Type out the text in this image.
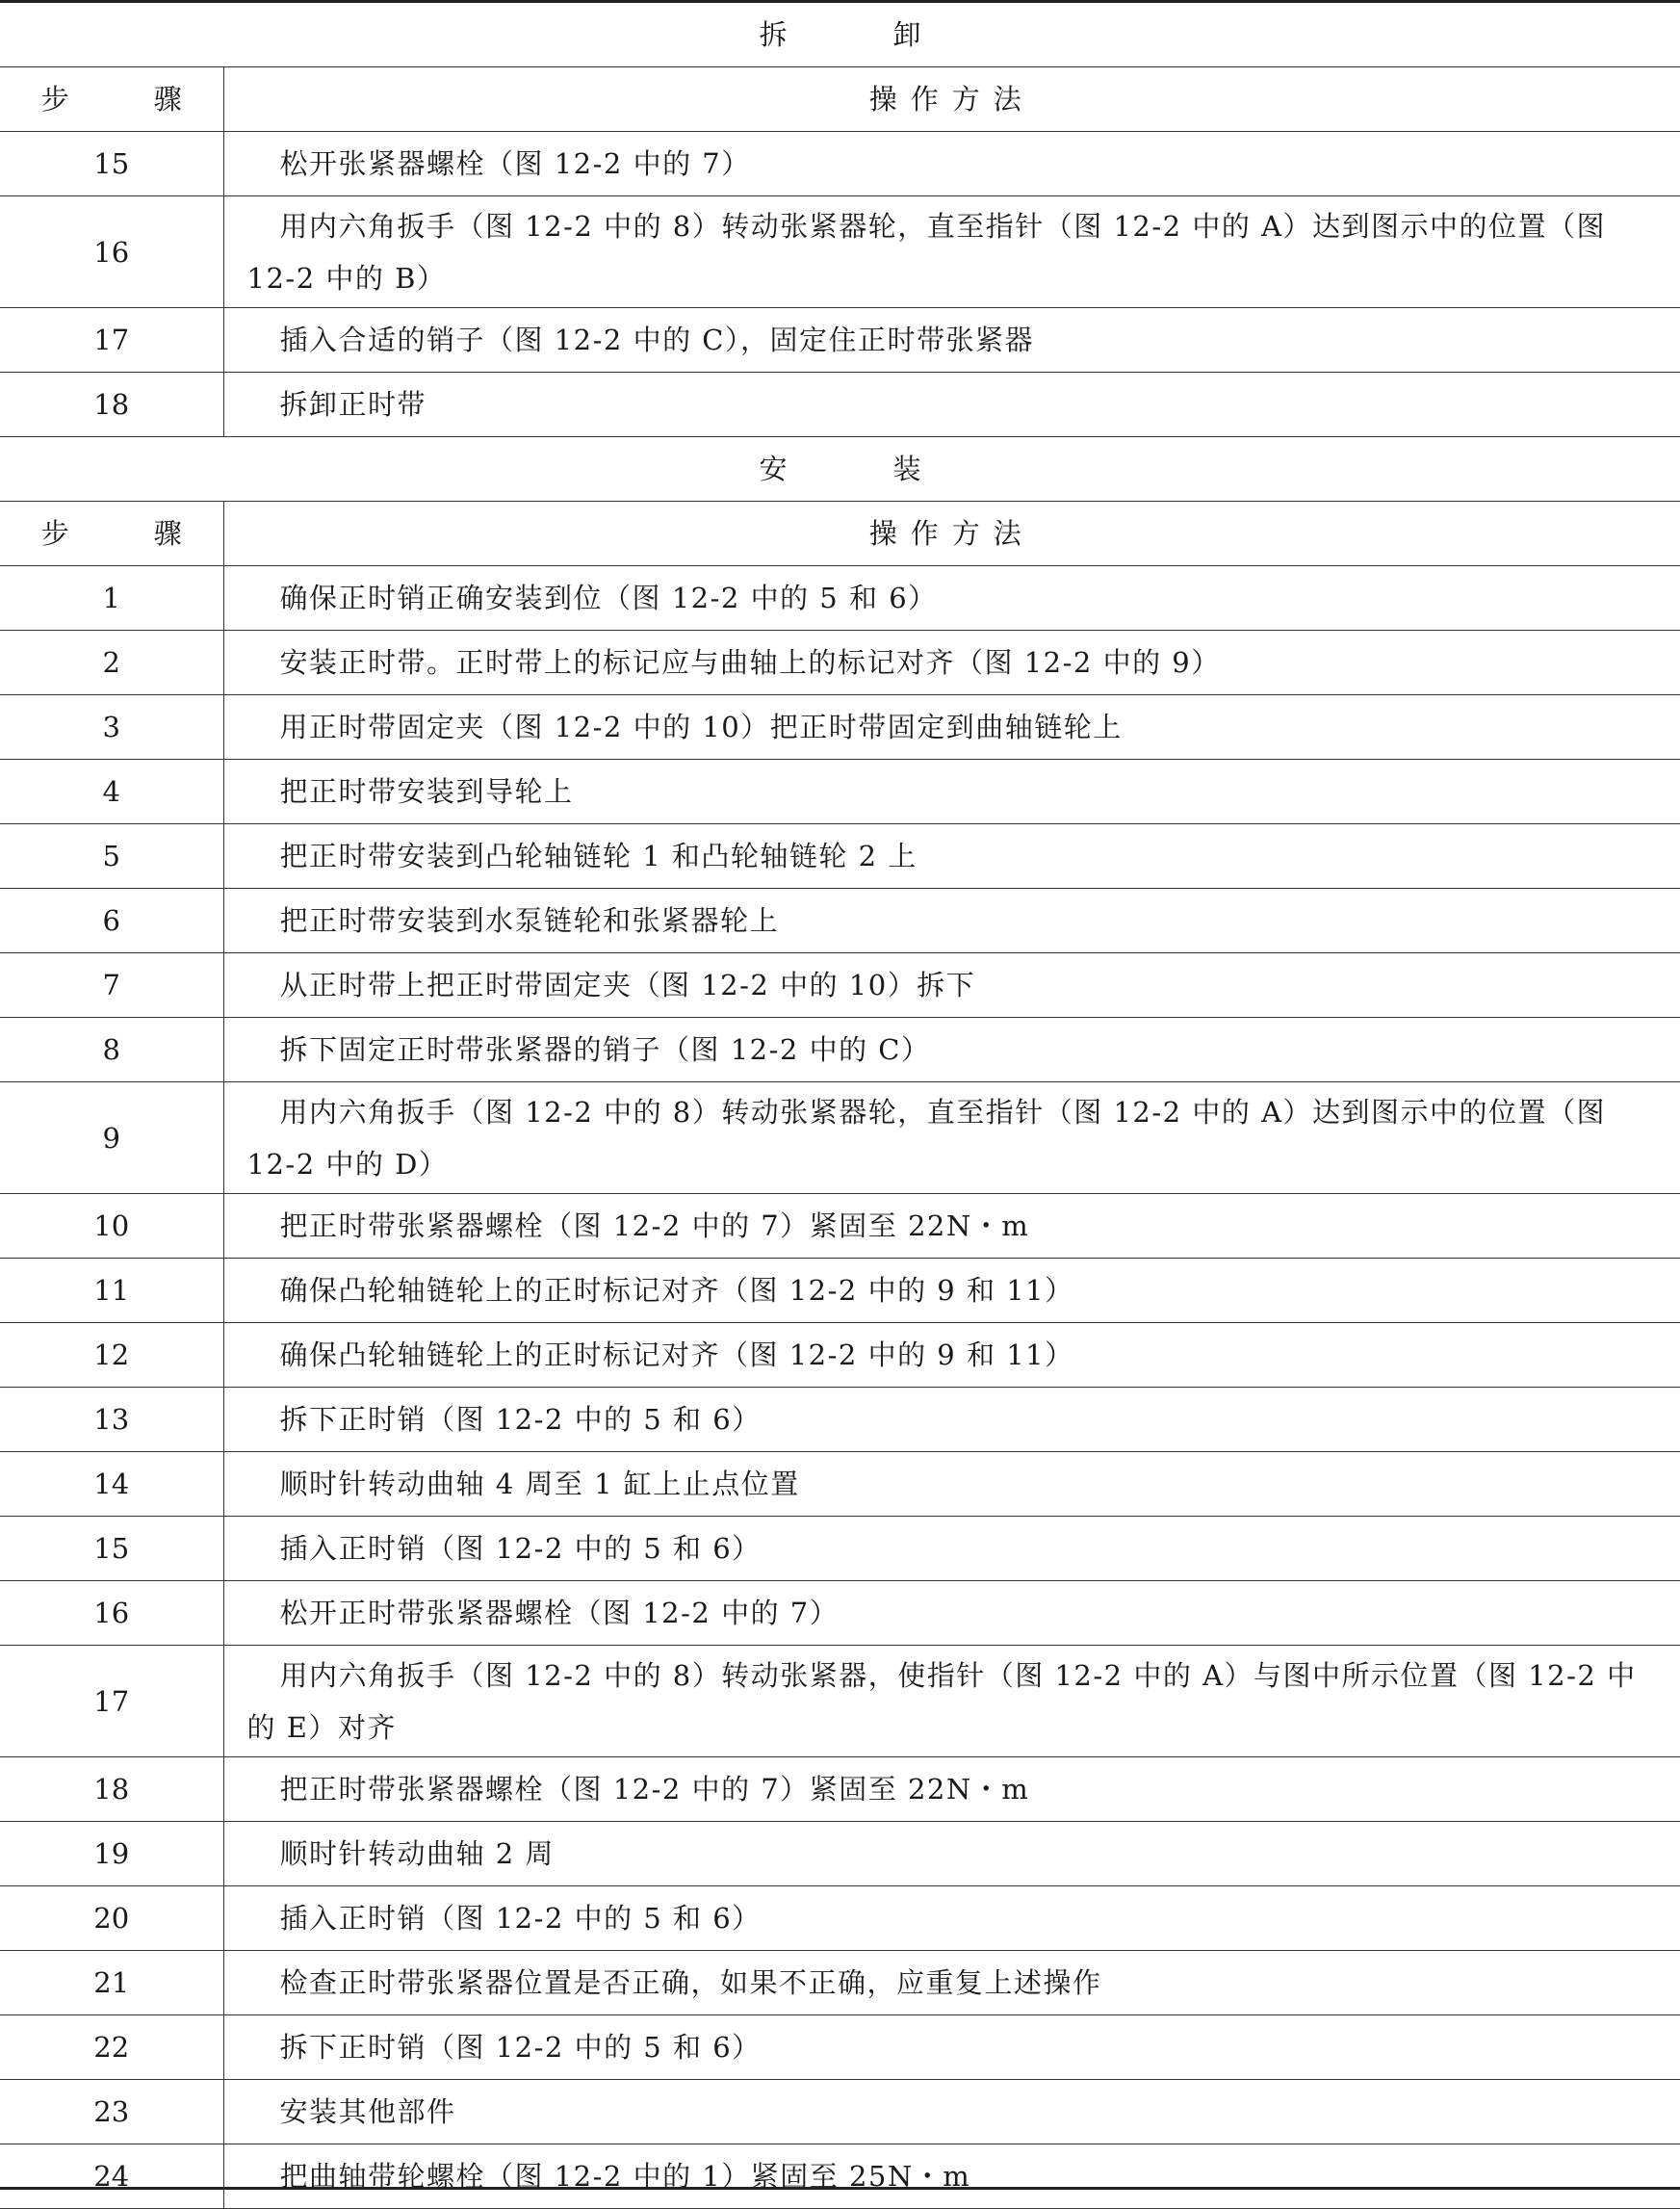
拆 卸	
步 骤	操作方法
15	松开张紧器螺栓（图 12-2 中的 7）
16	用内六角扳手（图 12-2 中的 8）转动张紧器轮，直至指针（图 12-2 中的 A）达到图示中的位置（图 12-2 中的 B）
17	插入合适的销子（图 12-2 中的 C），固定住正时带张紧器
18	拆卸正时带
安 装	
步 骤	操作方法
1	确保正时销正确安装到位（图 12-2 中的 5 和 6）
2	安装正时带。正时带上的标记应与曲轴上的标记对齐（图 12-2 中的 9）
3	用正时带固定夹（图 12-2 中的 10）把正时带固定到曲轴链轮上
4	把正时带安装到导轮上
5	把正时带安装到凸轮轴链轮 1 和凸轮轴链轮 2 上
6	把正时带安装到水泵链轮和张紧器轮上
7	从正时带上把正时带固定夹（图 12-2 中的 10）拆下
8	拆下固定正时带张紧器的销子（图 12-2 中的 C）
9	用内六角扳手（图 12-2 中的 8）转动张紧器轮，直至指针（图 12-2 中的 A）达到图示中的位置（图 12-2 中的 D）
10	把正时带张紧器螺栓（图 12-2 中的 7）紧固至 22N・m
11	确保凸轮轴链轮上的正时标记对齐（图 12-2 中的 9 和 11）
12	确保凸轮轴链轮上的正时标记对齐（图 12-2 中的 9 和 11）
13	拆下正时销（图 12-2 中的 5 和 6）
14	顺时针转动曲轴 4 周至 1 缸上止点位置
15	插入正时销（图 12-2 中的 5 和 6）
16	松开正时带张紧器螺栓（图 12-2 中的 7）
17	用内六角扳手（图 12-2 中的 8）转动张紧器，使指针（图 12-2 中的 A）与图中所示位置（图 12-2 中的 E）对齐
18	把正时带张紧器螺栓（图 12-2 中的 7）紧固至 22N・m
19	顺时针转动曲轴 2 周
20	插入正时销（图 12-2 中的 5 和 6）
21	检查正时带张紧器位置是否正确，如果不正确，应重复上述操作
22	拆下正时销（图 12-2 中的 5 和 6）
23	安装其他部件
24	把曲轴带轮螺栓（图 12-2 中的 1）紧固至 25N・m
